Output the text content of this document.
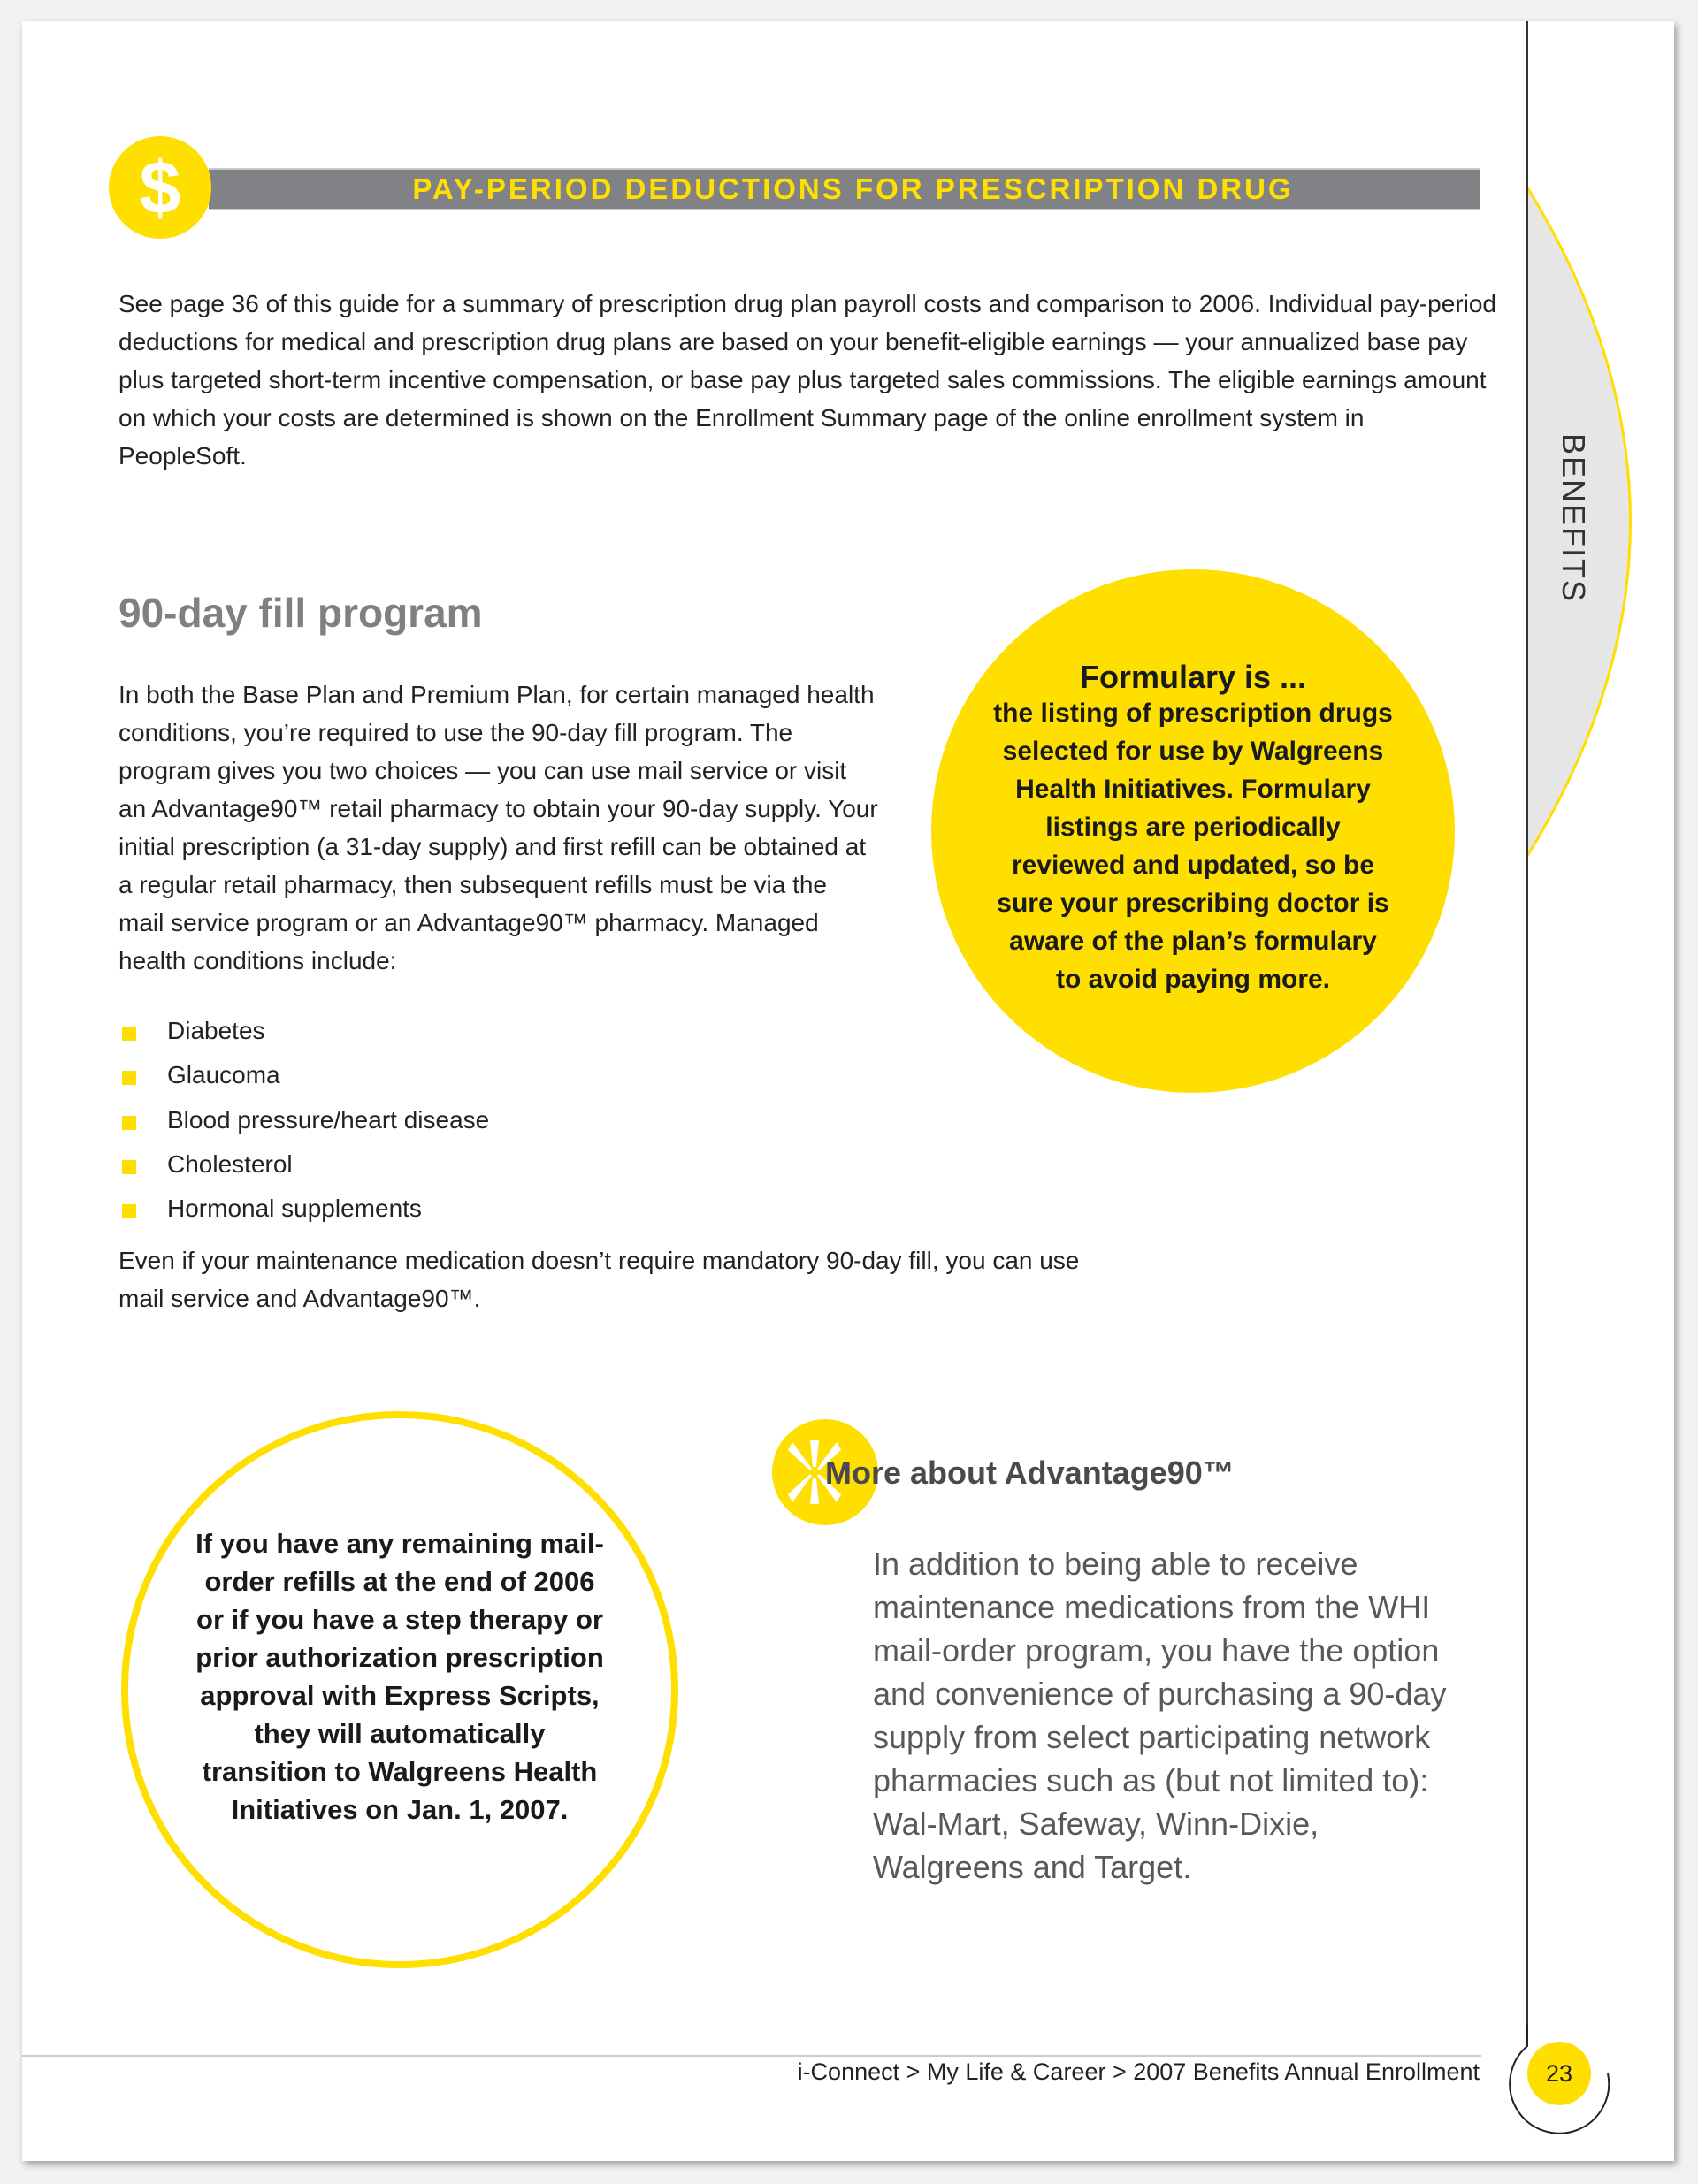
BENEFITS
$	PAY-PERIOD DEDUCTIONS FOR PRESCRIPTION DRUG

See page 36 of this guide for a summary of prescription drug plan payroll costs and comparison to 2006. Individual pay-period deductions for medical and prescription drug plans are based on your benefit-eligible earnings — your annualized base pay plus targeted short-term incentive compensation, or base pay plus targeted sales commissions. The eligible earnings amount on which your costs are determined is shown on the Enrollment Summary page of the online enrollment system in PeopleSoft.

90-day fill program

In both the Base Plan and Premium Plan, for certain managed health conditions, you’re required to use the 90-day fill program. The program gives you two choices — you can use mail service or visit an Advantage90™ retail pharmacy to obtain your 90-day supply. Your initial prescription (a 31-day supply) and first refill can be obtained at a regular retail pharmacy, then subsequent refills must be via the mail service program or an Advantage90™ pharmacy. Managed health conditions include:

Diabetes
Glaucoma
Blood pressure/heart disease
Cholesterol
Hormonal supplements

Even if your maintenance medication doesn’t require mandatory 90-day fill, you can use mail service and Advantage90™.

Formulary is ...

the listing of prescription drugs selected for use by Walgreens Health Initiatives. Formulary listings are periodically reviewed and updated, so be sure your prescribing doctor is aware of the plan’s formulary to avoid paying more.

If you have any remaining mail-order refills at the end of 2006 or if you have a step therapy or prior authorization prescription approval with Express Scripts, they will automatically transition to Walgreens Health Initiatives on Jan. 1, 2007.

More about Advantage90™

In addition to being able to receive maintenance medications from the WHI mail-order program, you have the option and convenience of purchasing a 90-day supply from select participating network pharmacies such as (but not limited to): Wal-Mart, Safeway, Winn-Dixie, Walgreens and Target.

i-Connect > My Life & Career > 2007 Benefits Annual Enrollment	23
